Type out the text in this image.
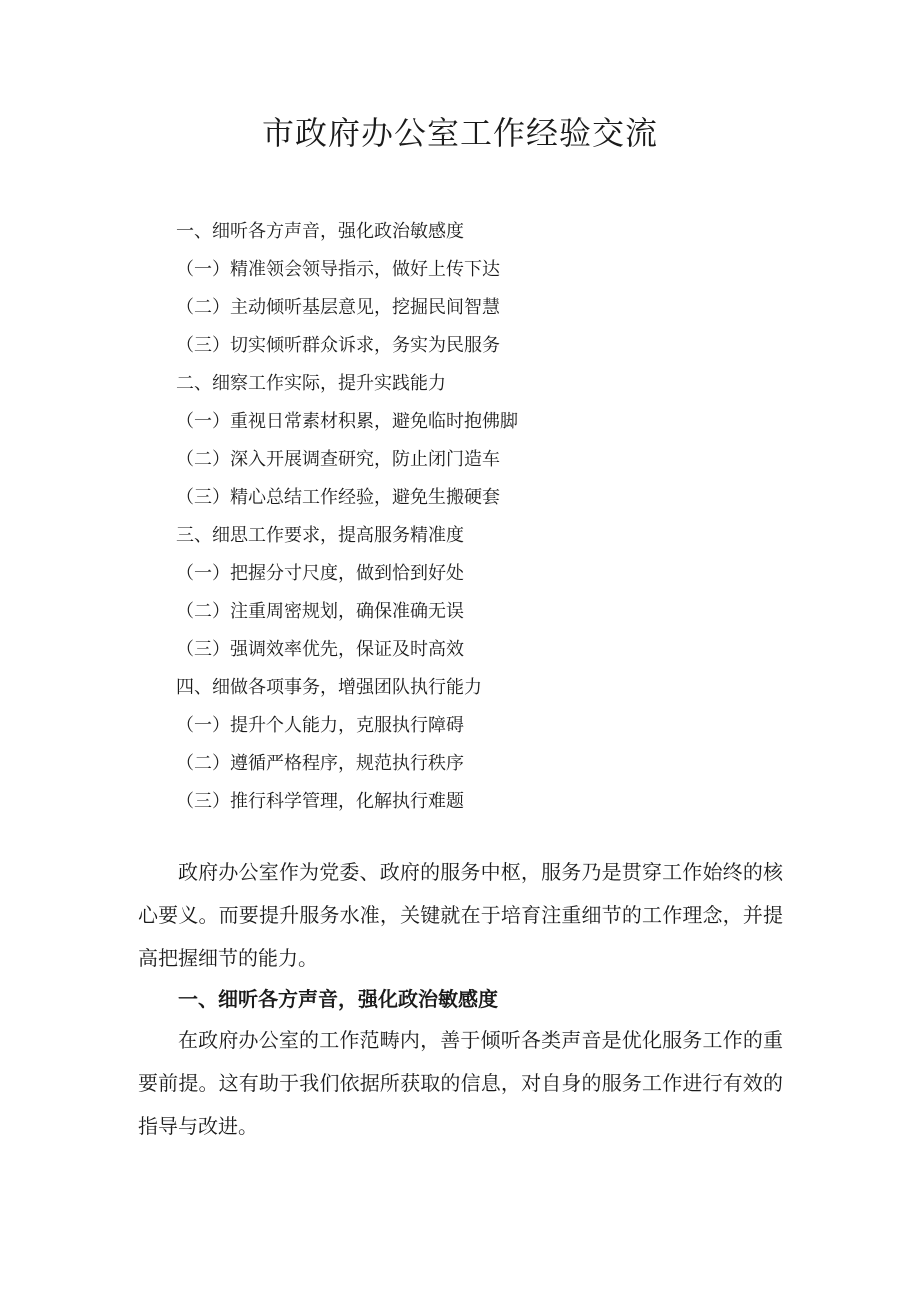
市政府办公室工作经验交流
一、细听各方声音，强化政治敏感度
（一）精准领会领导指示，做好上传下达
（二）主动倾听基层意见，挖掘民间智慧
（三）切实倾听群众诉求，务实为民服务
二、细察工作实际，提升实践能力
（一）重视日常素材积累，避免临时抱佛脚
（二）深入开展调查研究，防止闭门造车
（三）精心总结工作经验，避免生搬硬套
三、细思工作要求，提高服务精准度
（一）把握分寸尺度，做到恰到好处
（二）注重周密规划，确保准确无误
（三）强调效率优先，保证及时高效
四、细做各项事务，增强团队执行能力
（一）提升个人能力，克服执行障碍
（二）遵循严格程序，规范执行秩序
（三）推行科学管理，化解执行难题

政府办公室作为党委、政府的服务中枢，服务乃是贯穿工作始终的核心要义。而要提升服务水准，关键就在于培育注重细节的工作理念，并提高把握细节的能力。

一、细听各方声音，强化政治敏感度

在政府办公室的工作范畴内，善于倾听各类声音是优化服务工作的重要前提。这有助于我们依据所获取的信息，对自身的服务工作进行有效的指导与改进。
